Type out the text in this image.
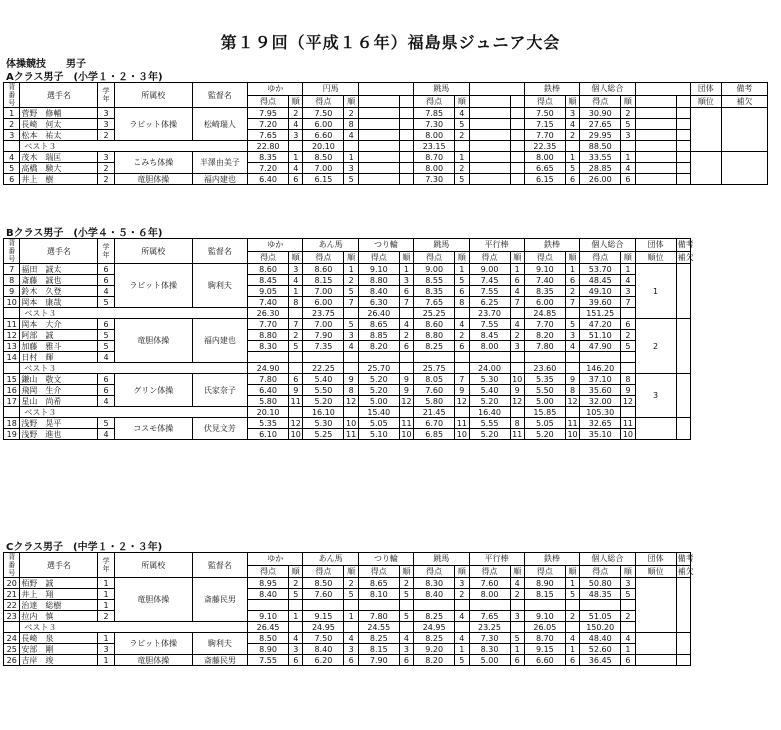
第１９回（平成１６年）福島県ジュニア大会
体操競技　　男子
Aクラス男子　(小学１・２・３年)
背番号	選手名	学年	所属校	監督名	ゆか		円馬				跳馬				鉄棒		個人総合				団体	備考
					得点	順	得点	順			得点	順			得点	順	得点	順			順位	補欠
1	菅野　修輔	3	ラビット体操	松崎瑞人	7.95	2	7.50	2			7.85	4			7.50	3	30.90	2				
2	長崎　何太	3			7.20	4	6.00	8			7.30	5			7.15	4	27.65	5				
3	松本　祐太	2			7.65	3	6.60	4			8.00	2			7.70	2	29.95	3				
	ベスト３				22.80		20.10				23.15				22.35		88.50					
4	茂木　瑞匡	3	こみち体操	半澤由美子	8.35	1	8.50	1			8.70	1			8.00	1	33.55	1				
5	高橋　験大	2			7.20	4	7.00	3			8.00	2			6.65	5	28.85	4				
6	井上　樹	2	竜胆体操	福内建也	6.40	6	6.15	5			7.30	5			6.15	6	26.00	6				
Bクラス男子　(小学４・５・６年)
背番号	選手名	学年	所属校	監督名	ゆか		あん馬		つり輪		跳馬		平行棒		鉄棒		個人総合		団体	備考
					得点	順	得点	順	得点	順	得点	順	得点	順	得点	順	得点	順	順位	補欠
7	福田　誠太	6	ラビット体操	駒利夫	8.60	3	8.60	1	9.10	1	9.00	1	9.00	1	9.10	1	53.70	1	1	
8	斎藤　誠也	6			8.45	4	8.15	2	8.80	3	8.55	5	7.45	6	7.40	6	48.45	4		
9	鈴木　久登	4			9.05	1	7.00	5	8.40	6	8.35	6	7.55	4	8.35	2	49.10	3		
10	岡本　康哉	5			7.40	8	6.00	7	6.30	7	7.65	8	6.25	7	6.00	7	39.60	7		
	ベスト３				26.30		23.75		26.40		25.25		23.70		24.85		151.25			
11	岡本　大介	6	竜胆体操	福内建也	7.70	7	7.00	5	8.65	4	8.60	4	7.55	4	7.70	5	47.20	6	2	
12	阿部　誠	5			8.80	2	7.90	3	8.85	2	8.80	2	8.45	2	8.20	3	51.10	2		
13	加藤　雅斗	5			8.30	5	7.35	4	8.20	6	8.25	6	8.00	3	7.80	4	47.90	5		
14	日村　輝	4																		
	ベスト３				24.90		22.25		25.70		25.75		24.00		23.60		146.20			
15	鎌山　敬文	6	グリン体操	氏家奈子	7.80	6	5.40	9	5.20	9	8.05	7	5.30	10	5.35	9	37.10	8	3	
16	飛岡　生介	6			6.40	9	5.50	8	5.20	9	7.60	9	5.40	9	5.50	8	35.60	9		
17	星山　尚希	4			5.80	11	5.20	12	5.00	12	5.80	12	5.20	12	5.00	12	32.00	12		
	ベスト３				20.10		16.10		15.40		21.45		16.40		15.85		105.30			
18	浅野　晃平	5	コスモ体操	伏見文芳	5.35	12	5.30	10	5.05	11	6.70	11	5.55	8	5.05	11	32.65	11		
19	浅野　進也	4			6.10	10	5.25	11	5.10	10	6.85	10	5.20	11	5.20	10	35.10	10		
Cクラス男子　(中学１・２・３年)
背番号	選手名	学年	所属校	監督名	ゆか		あん馬		つり輪		跳馬		平行棒		鉄棒		個人総合		団体	備考
					得点	順	得点	順	得点	順	得点	順	得点	順	得点	順	得点	順	順位	補欠
20	栢野　誠	1	竜胆体操	斎藤民男	8.95	2	8.50	2	8.65	2	8.30	3	7.60	4	8.90	1	50.80	3		
21	井上　翔	1			8.40	5	7.60	5	8.10	5	8.40	2	8.00	2	8.15	5	48.35	5		
22	治達　総樹	1																		
23	拉内　慎	2			9.10	1	9.15	1	7.80	5	8.25	4	7.65	3	9.10	2	51.05	2		
	ベスト３				26.45		24.95		24.55		24.95		23.25		26.05		150.20			
24	長崎　泉	1	ラビット体操	駒利夫	8.50	4	7.50	4	8.25	4	8.25	4	7.30	5	8.70	4	48.40	4		
25	安部　剛	3			8.90	3	8.40	3	8.15	3	9.20	1	8.30	1	9.15	1	52.60	1		
26	吉岸　竣	1	竜胆体操	斎藤民男	7.55	6	6.20	6	7.90	6	8.20	5	5.00	6	6.60	6	36.45	6		
